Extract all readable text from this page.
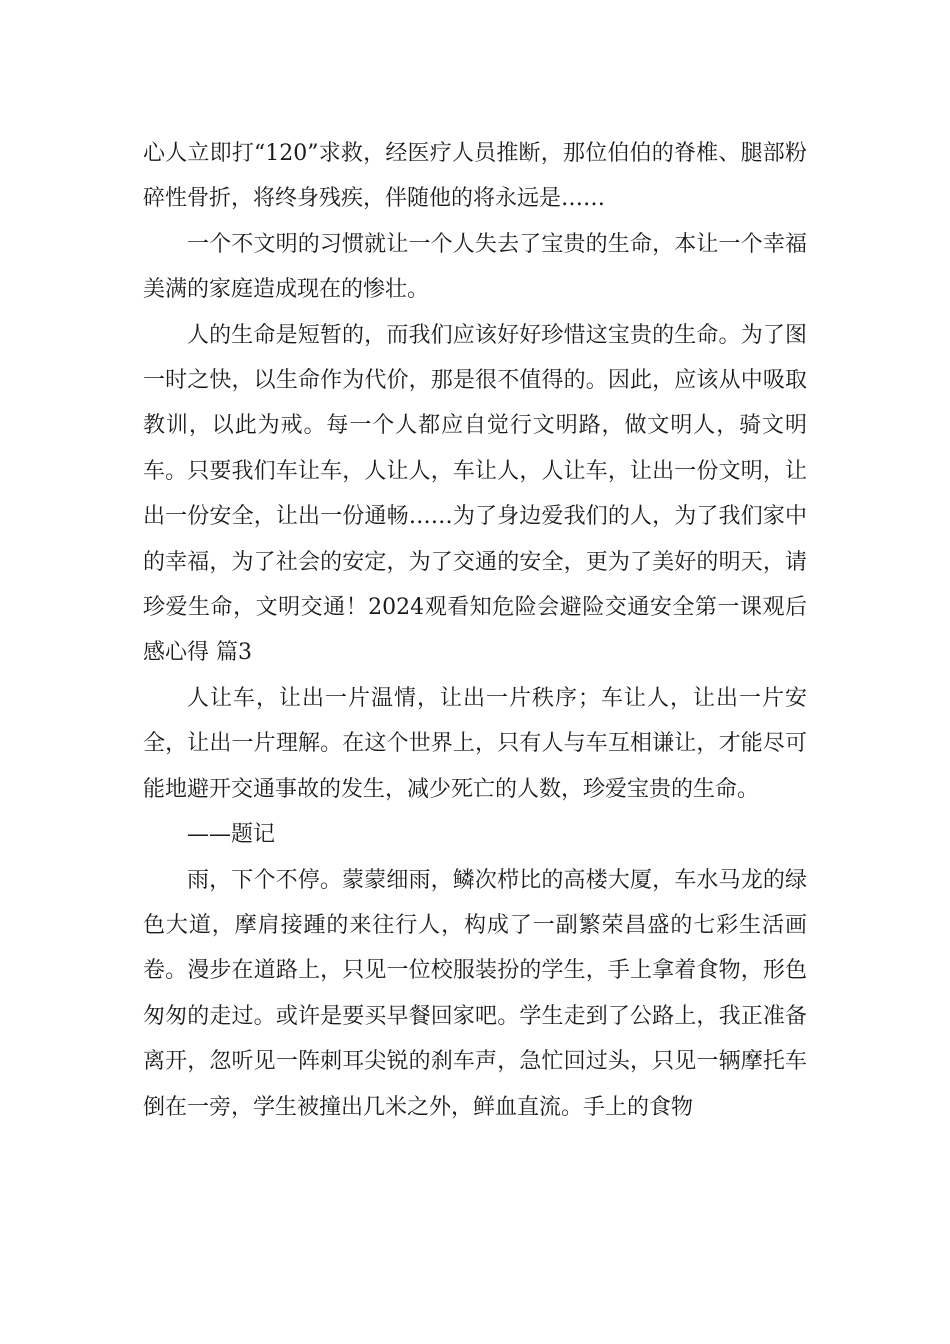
心人立即打“120”求救，经医疗人员推断，那位伯伯的脊椎、腿部粉碎性骨折，将终身残疾，伴随他的将永远是……

一个不文明的习惯就让一个人失去了宝贵的生命，本让一个幸福美满的家庭造成现在的惨壮。

人的生命是短暂的，而我们应该好好珍惜这宝贵的生命。为了图一时之快，以生命作为代价，那是很不值得的。因此，应该从中吸取教训，以此为戒。每一个人都应自觉行文明路，做文明人，骑文明车。只要我们车让车，人让人，车让人，人让车，让出一份文明，让出一份安全，让出一份通畅……为了身边爱我们的人，为了我们家中的幸福，为了社会的安定，为了交通的安全，更为了美好的明天，请珍爱生命，文明交通！2024观看知危险会避险交通安全第一课观后感心得 篇3

人让车，让出一片温情，让出一片秩序；车让人，让出一片安全，让出一片理解。在这个世界上，只有人与车互相谦让，才能尽可能地避开交通事故的发生，减少死亡的人数，珍爱宝贵的生命。

——题记

雨，下个不停。蒙蒙细雨，鳞次栉比的高楼大厦，车水马龙的绿色大道，摩肩接踵的来往行人，构成了一副繁荣昌盛的七彩生活画卷。漫步在道路上，只见一位校服装扮的学生，手上拿着食物，形色匆匆的走过。或许是要买早餐回家吧。学生走到了公路上，我正准备离开，忽听见一阵刺耳尖锐的刹车声，急忙回过头，只见一辆摩托车倒在一旁，学生被撞出几米之外，鲜血直流。手上的食物
